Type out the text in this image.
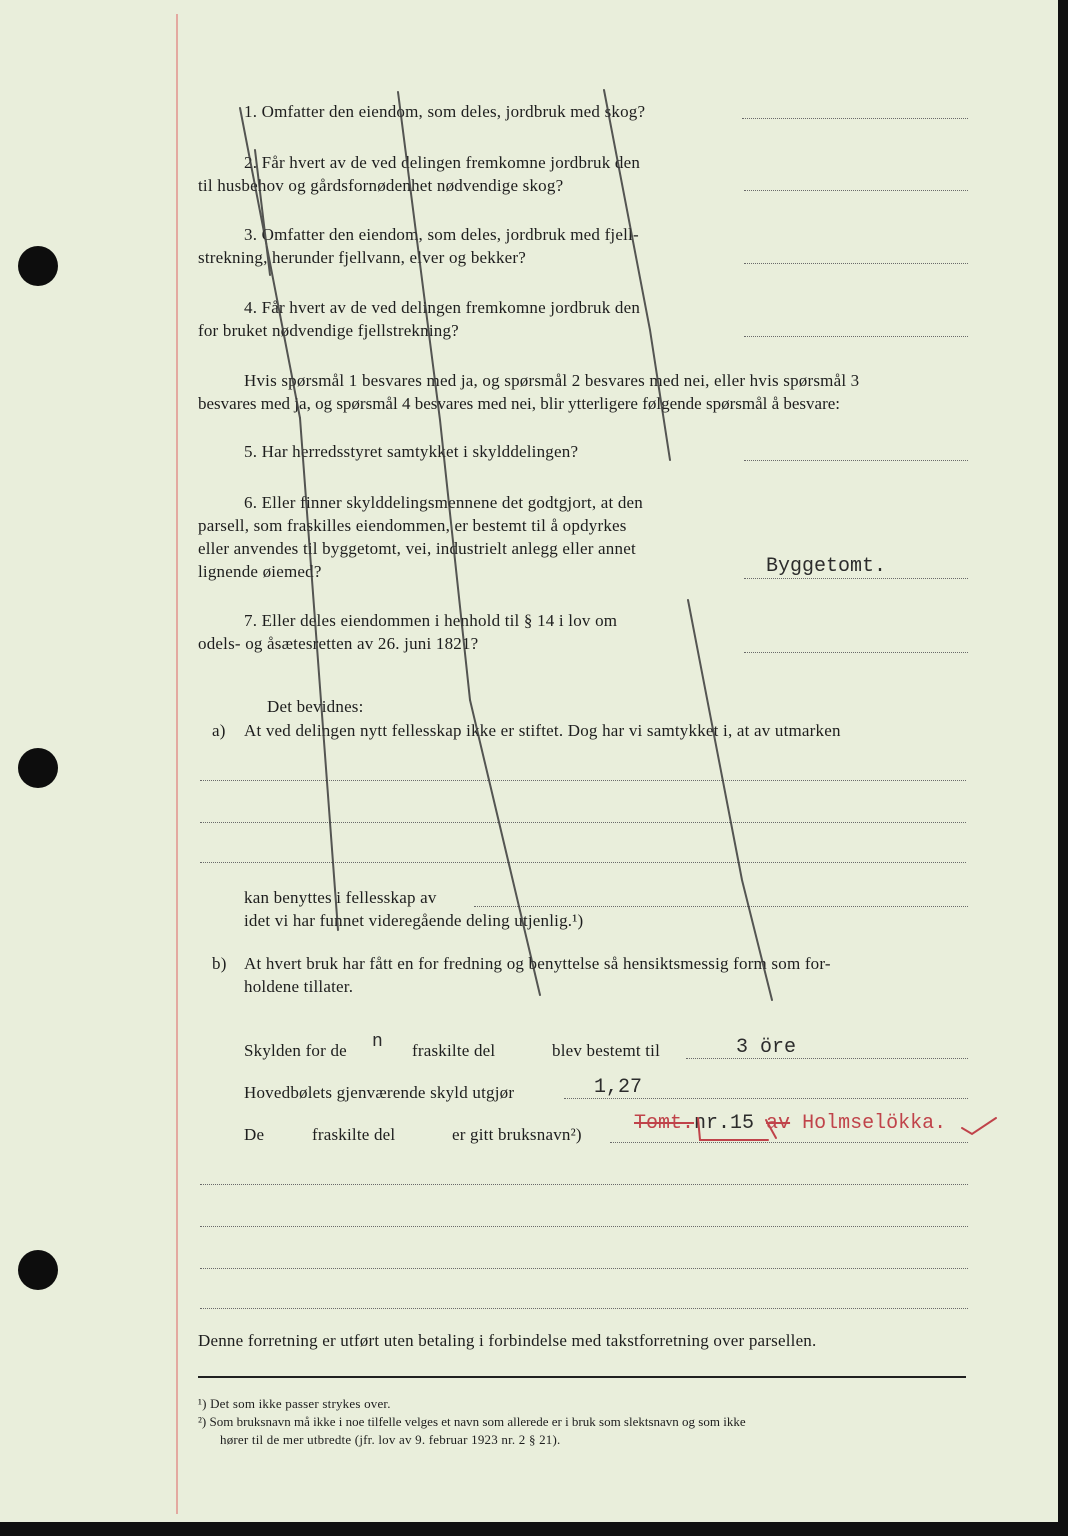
1. Omfatter den eiendom, som deles, jordbruk med skog?
2. Får hvert av de ved delingen fremkomne jordbruk den
til husbehov og gårdsfornødenhet nødvendige skog?
3. Omfatter den eiendom, som deles, jordbruk med fjell-
strekning, herunder fjellvann, elver og bekker?
4. Får hvert av de ved delingen fremkomne jordbruk den
for bruket nødvendige fjellstrekning?
Hvis spørsmål 1 besvares med ja, og spørsmål 2 besvares med nei, eller hvis spørsmål 3
besvares med ja, og spørsmål 4 besvares med nei, blir ytterligere følgende spørsmål å besvare:
5. Har herredsstyret samtykket i skylddelingen?
6. Eller finner skylddelingsmennene det godtgjort, at den
parsell, som fraskilles eiendommen, er bestemt til å opdyrkes
eller anvendes til byggetomt, vei, industrielt anlegg eller annet
lignende øiemed?	Byggetomt.
7. Eller deles eiendommen i henhold til § 14 i lov om
odels- og åsætesretten av 26. juni 1821?
Det bevidnes:
a) At ved delingen nytt fellesskap ikke er stiftet. Dog har vi samtykket i, at av utmarken
kan benyttes i fellesskap av
idet vi har funnet videregående deling utjenlig.¹)
b) At hvert bruk har fått en for fredning og benyttelse så hensiktsmessig form som for-
holdene tillater.
Skylden for de n fraskilte del	blev bestemt til	3 öre
Hovedbølets gjenværende skyld utgjør	1,27
De	fraskilte del	er gitt bruksnavn²)	Tomt.nr.15 av Holmselökka.
Denne forretning er utført uten betaling i forbindelse med takstforretning over parsellen.
¹) Det som ikke passer strykes over.
²) Som bruksnavn må ikke i noe tilfelle velges et navn som allerede er i bruk som slektsnavn og som ikke
hører til de mer utbredte (jfr. lov av 9. februar 1923 nr. 2 § 21).
